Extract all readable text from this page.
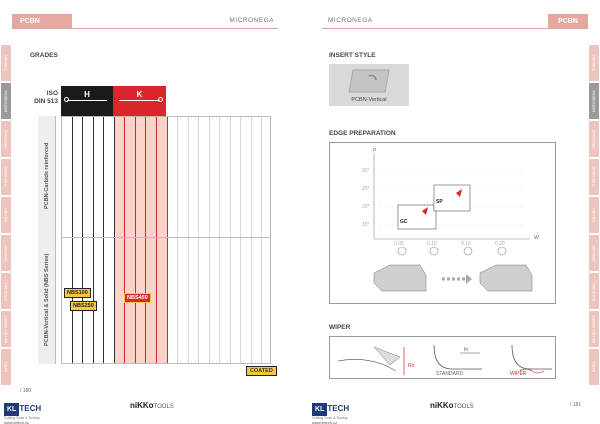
PCBN	MICRONEGA	MICRONEGA	PCBN
TURNING
MICRONEGA
GROOVING
THREADING
MILLING
DRILLING
SOLID MILL
MILLING INSERT
INDEX
TURNING
MICRONEGA
GROOVING
THREADING
MILLING
DRILLING
SOLID MILL
MILLING INSERT
INDEX
GRADES
ISO
DIN 513
H	K
PCBN-Carbide reinforced
PCBN-Vertical & Solid (NBS Series)	NBS100
NBS250
NBS450
COATED
INSERT STYLE
PCBN-Vertical
EDGE PREPARATION
α
W
30°
25°
20°
15°
0.05	0.10	0.15	0.20
GC
SP
WIPER
fn
Rz
STANDARD	WIPER
/ 180
/ 181
KL TECH
Cutting Tools & Tooling
www.kltech.cz
niKKoTOOLS	KL TECH
Cutting Tools & Tooling
www.kltech.cz
niKKoTOOLS
